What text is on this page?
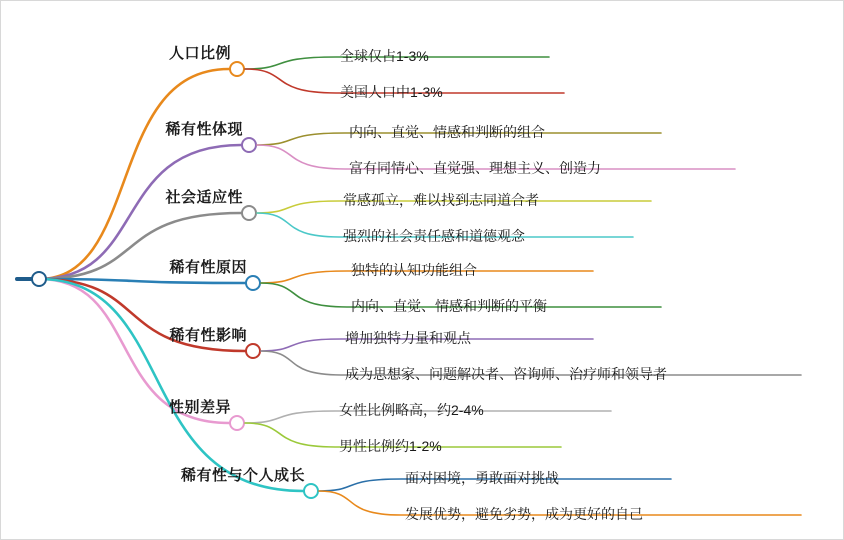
人口比例	全球仅占1-3%
美国人口中1-3%
稀有性体现	内向、直觉、情感和判断的组合
富有同情心、直觉强、理想主义、创造力
社会适应性	常感孤立，难以找到志同道合者
强烈的社会责任感和道德观念
稀有性原因	独特的认知功能组合
内向、直觉、情感和判断的平衡
稀有性影响	增加独特力量和观点
成为思想家、问题解决者、咨询师、治疗师和领导者
性别差异	女性比例略高，约2-4%
男性比例约1-2%
稀有性与个人成长	面对困境，勇敢面对挑战
发展优势，避免劣势，成为更好的自己
